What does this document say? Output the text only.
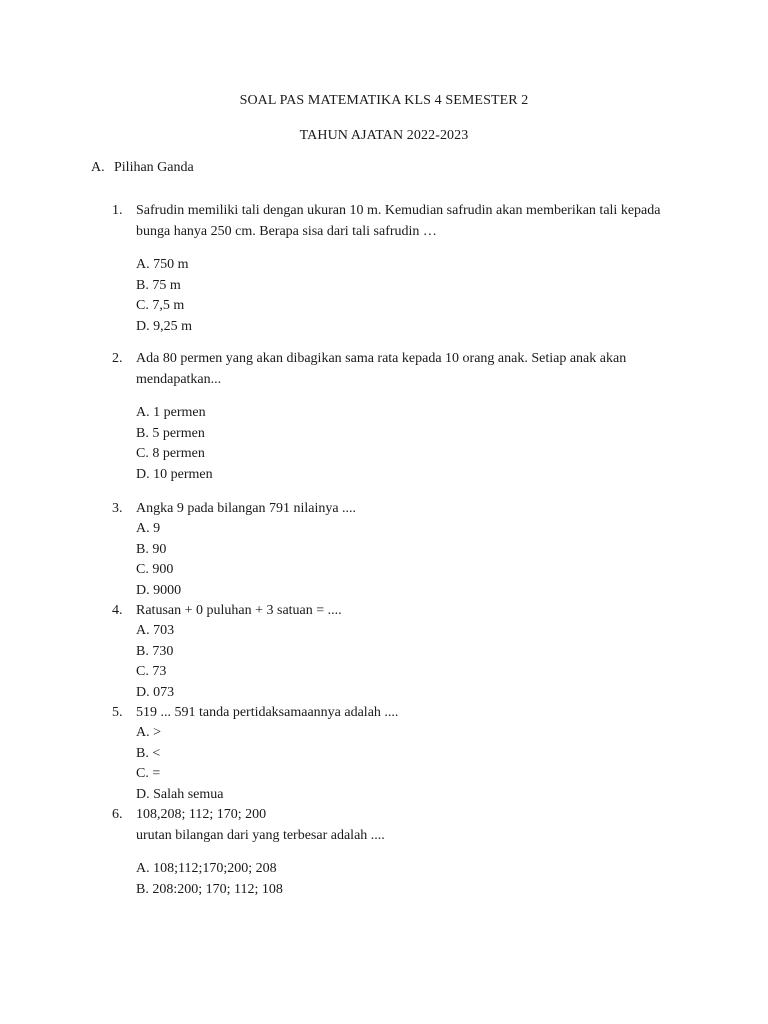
SOAL PAS MATEMATIKA KLS 4 SEMESTER 2
TAHUN AJATAN 2022-2023
A. Pilihan Ganda
1. Safrudin memiliki tali dengan ukuran 10 m. Kemudian safrudin akan memberikan tali kepada bunga hanya 250 cm. Berapa sisa dari tali safrudin …
A. 750 m
B. 75 m
C. 7,5 m
D. 9,25 m
2. Ada 80 permen yang akan dibagikan sama rata kepada 10 orang anak. Setiap anak akan mendapatkan...
A. 1 permen
B. 5 permen
C. 8 permen
D. 10 permen
3. Angka 9 pada bilangan 791 nilainya ....
A. 9
B. 90
C. 900
D. 9000
4. Ratusan + 0 puluhan + 3 satuan = ....
A. 703
B. 730
C. 73
D. 073
5. 519 ... 591 tanda pertidaksamaannya adalah ....
A. >
B. <
C. =
D. Salah semua
6. 108,208; 112; 170; 200
urutan bilangan dari yang terbesar adalah ....
A. 108;112;170;200; 208
B. 208:200; 170; 112; 108
